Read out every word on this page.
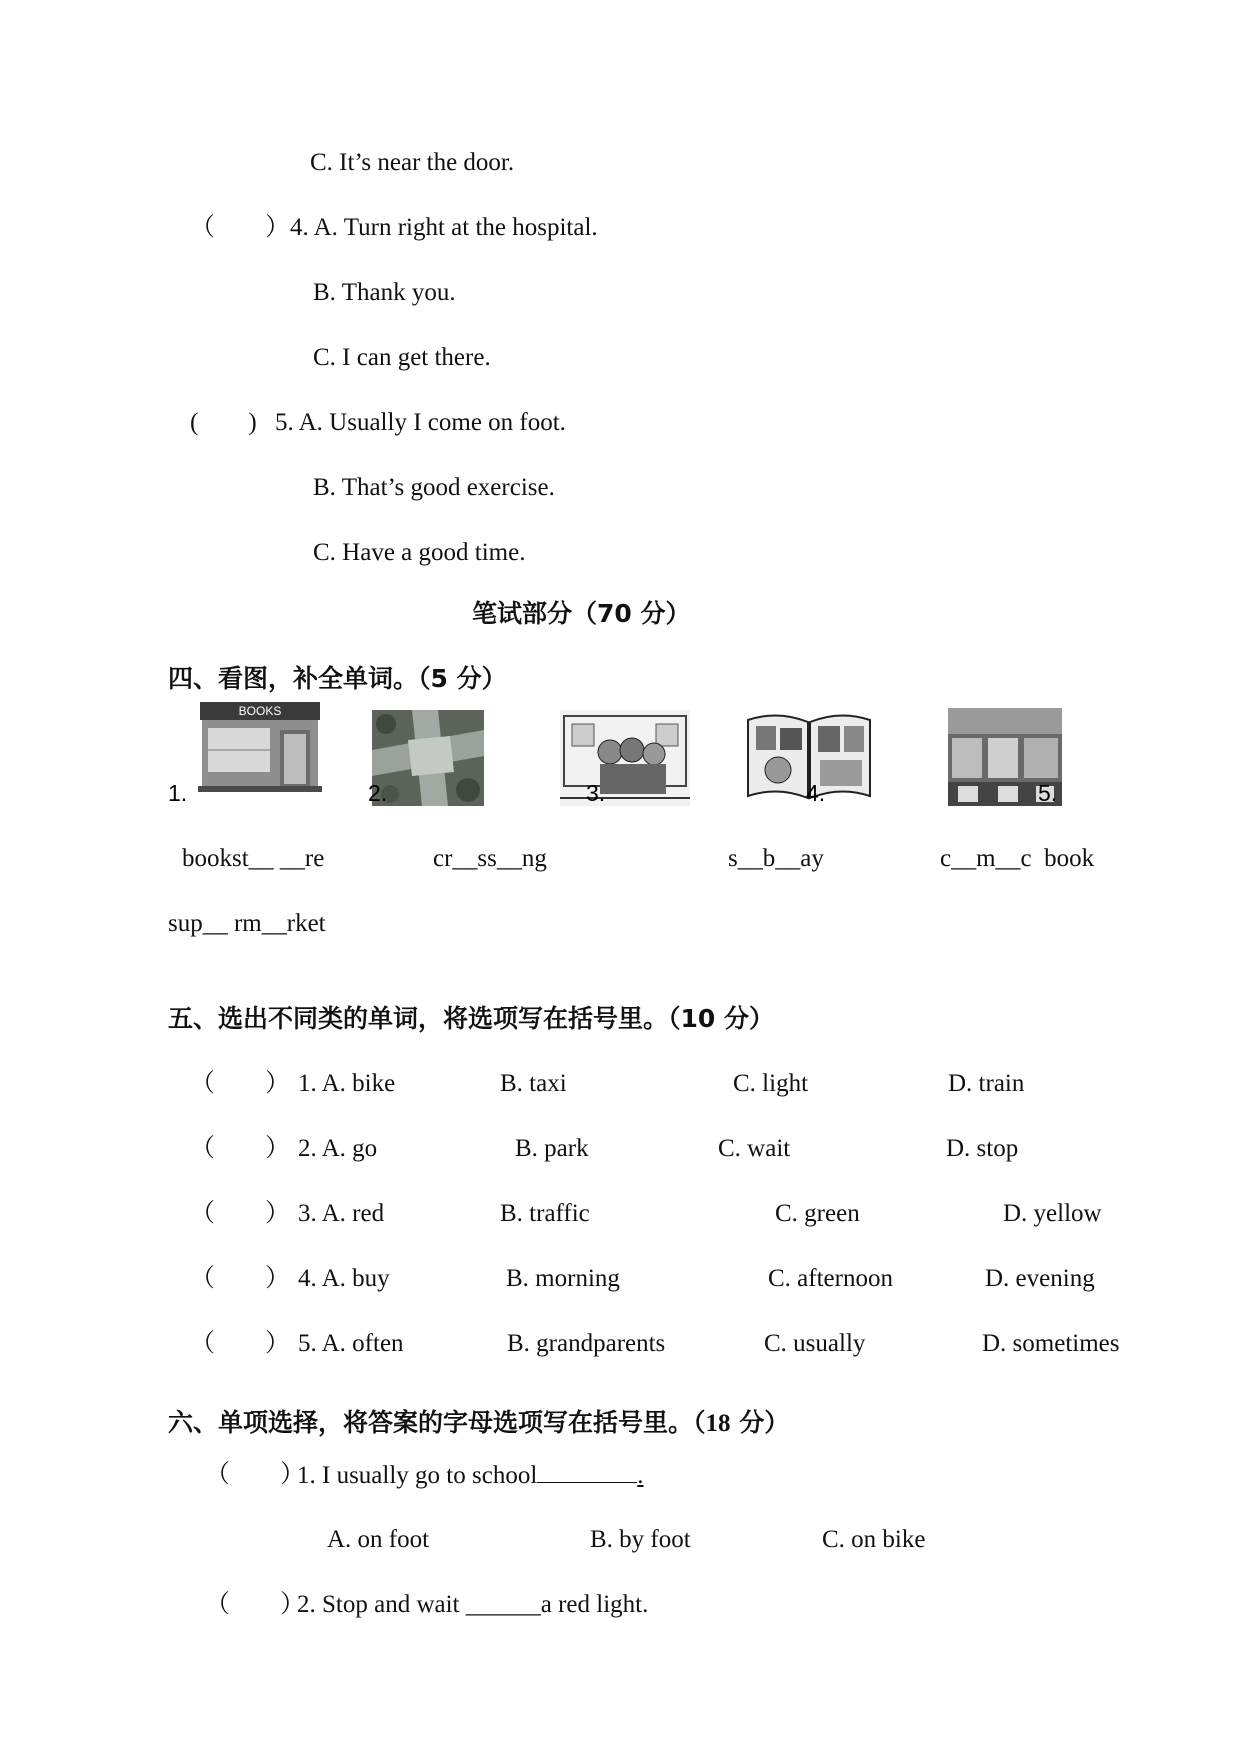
C. It’s near the door.
（　　） 4. A. Turn right at the hospital.
B. Thank you.
C. I can get there.
(　　) 5. A. Usually I come on foot.
B. That’s good exercise.
C. Have a good time.
笔试部分（70 分）
四、看图，补全单词。（5 分）
BOOKS
1.	2.	3.	4.	5.
bookst__ __re	cr__ss__ng	s__b__ay	c__m__c  book
sup__ rm__rket
五、选出不同类的单词，将选项写在括号里。（10 分）
（　　） 1. A. bike	B. taxi	C. light	D. train
（　　） 2. A. go	B. park	C. wait	D. stop
（　　） 3. A. red	B. traffic	C. green	D. yellow
（　　） 4. A. buy	B. morning	C. afternoon	D. evening
（　　） 5. A. often	B. grandparents	C. usually	D. sometimes
六、单项选择，将答案的字母选项写在括号里。（18 分）
（　　）
1. I usually go to school	.
A. on foot	B. by foot	C. on bike
（　　）
2. Stop and wait ______a red light.
